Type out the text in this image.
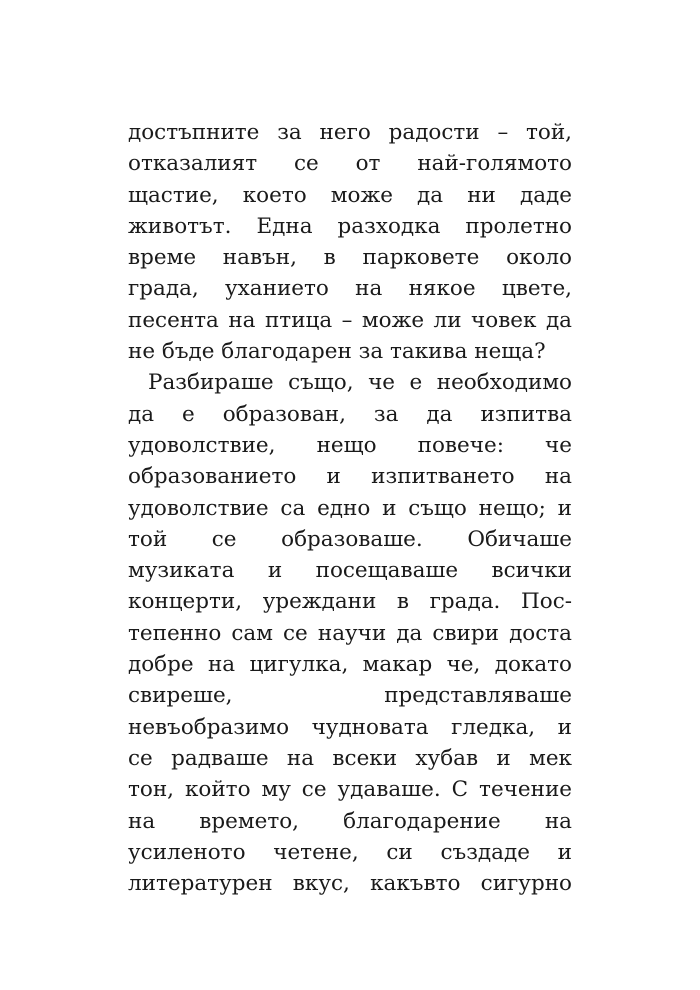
достъпните за него радости – той,
отказалият се от най-голямото
щастие, което може да ни даде
животът. Една разходка пролетно
време навън, в парковете около
града, уханието на някое цвете,
песента на птица – може ли човек да
не бъде благодарен за такива неща?
Разбираше също, че е необходимо
да е образован, за да изпитва
удоволствие, нещо повече: че
образованието и изпитването на
удоволствие са едно и също нещо; и
той се образоваше. Обичаше
музиката и посещаваше всички
концерти, уреждани в града. Пос-
тепенно сам се научи да свири доста
добре на цигулка, макар че, докато
свиреше, представляваше
невъобразимо чудновата гледка, и
се радваше на всеки хубав и мек
тон, който му се удаваше. С течение
на времето, благодарение на
усиленото четене, си създаде и
литературен вкус, какъвто сигурно
